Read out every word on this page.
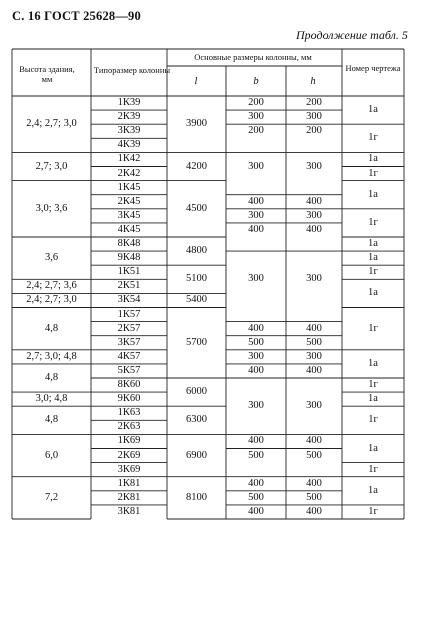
С. 16 ГОСТ 25628—90
Продолжение табл. 5
Высота здания, мм
Типоразмер колонны
Основные размеры колонны, мм
l	b	h
Номер чертежа
2,4; 2,7; 3,0
2,7; 3,0
3,0; 3,6
3,6
2,4; 2,7; 3,6
2,4; 2,7; 3,0
4,8
2,7; 3,0; 4,8
4,8
3,0; 4,8
4,8
6,0
7,2
1К39
2К39
3К39
4К39
1К42
2К42
1К45
2К45
3К45
4К45
8К48
9К48
1К51
2К51
3К54
1К57
2К57
3К57
4К57
5К57
8К60
9К60
1К63
2К63
1К69
2К69
3К69
1К81
2К81
3К81
3900
4200
4500
4800
5100
5400
5700
6000
6300
6900
8100
200
300
200
300
400
300
400
300
400
500
300
400
300
400
500
400
500
400
200
300
200
300
400
300
400
300
400
500
300
400
300
400
500
400
500
400
1а
1г
1а
1г
1а
1г
1а
1а
1г
1а
1г
1а
1г
1а
1г
1а
1г
1а
1г
